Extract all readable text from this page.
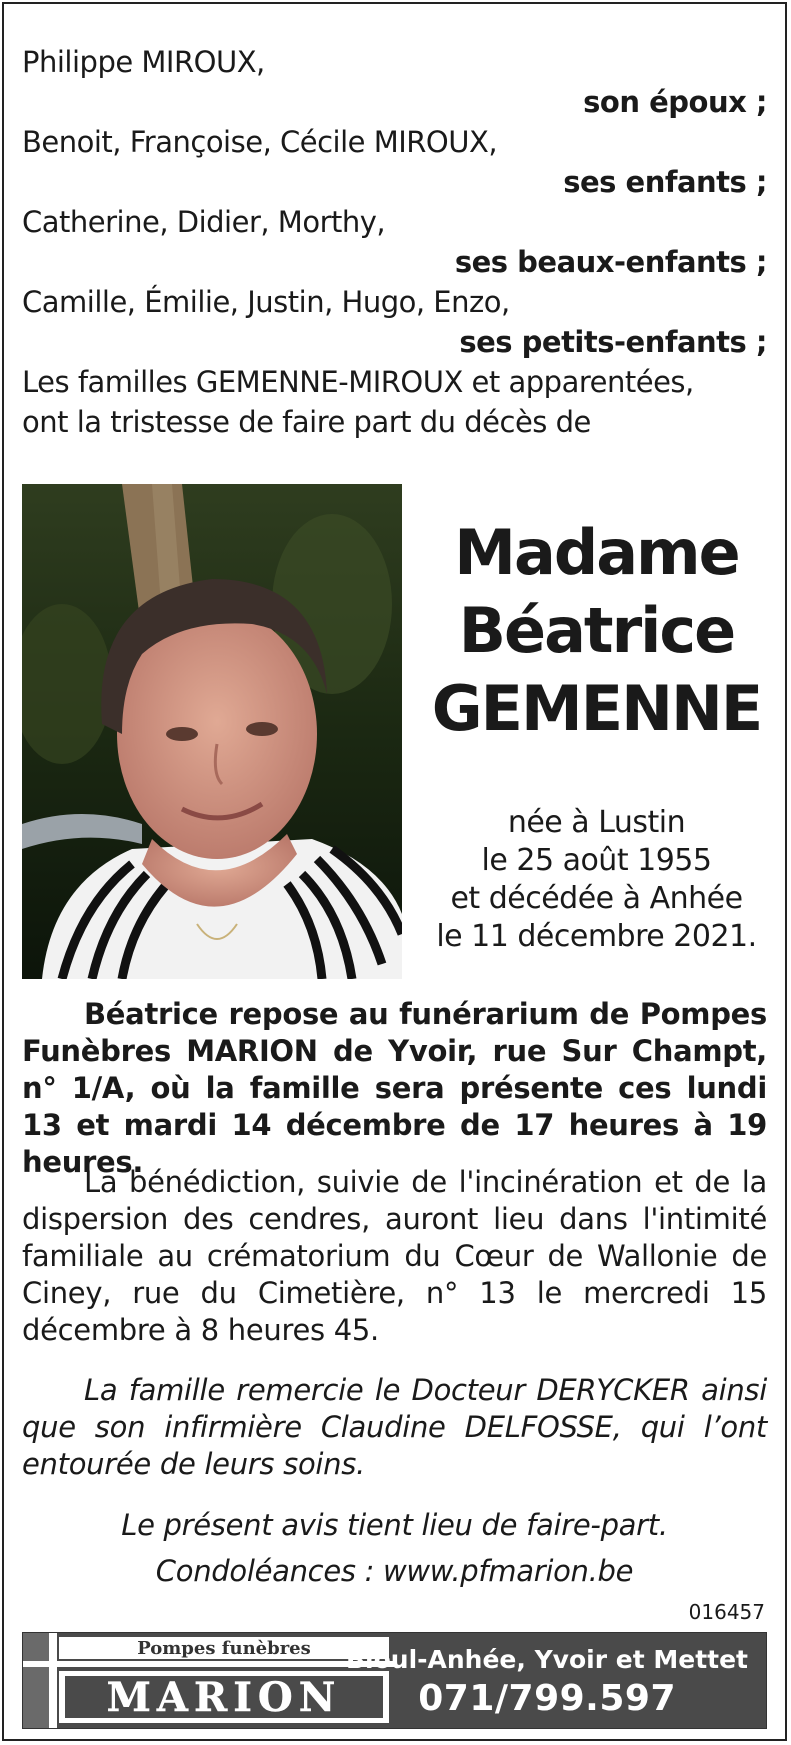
Philippe MIROUX,
son époux ;
Benoit, Françoise, Cécile MIROUX,
ses enfants ;
Catherine, Didier, Morthy,
ses beaux-enfants ;
Camille, Émilie, Justin, Hugo, Enzo,
ses petits-enfants ;
Les familles GEMENNE-MIROUX et apparentées,
ont la tristesse de faire part du décès de
Madame
Béatrice
GEMENNE
née à Lustin
le 25 août 1955
et décédée à Anhée
le 11 décembre 2021.
Béatrice repose au funérarium de Pompes Funèbres MARION de Yvoir, rue Sur Champt, n° 1/A, où la famille sera présente ces lundi 13 et mardi 14 décembre de 17 heures à 19 heures.
La bénédiction, suivie de l'incinération et de la dispersion des cendres, auront lieu dans l'intimité familiale au crématorium du Cœur de Wallonie de Ciney, rue du Cimetière, n° 13 le mercredi 15 décembre à 8 heures 45.
La famille remercie le Docteur DERYCKER ainsi que son infirmière Claudine DELFOSSE, qui l’ont entourée de leurs soins.
Le présent avis tient lieu de faire-part.
Condoléances : www.pfmarion.be
016457
Pompes funèbres
MARION
Bioul-Anhée, Yvoir et Mettet
071/799.597
